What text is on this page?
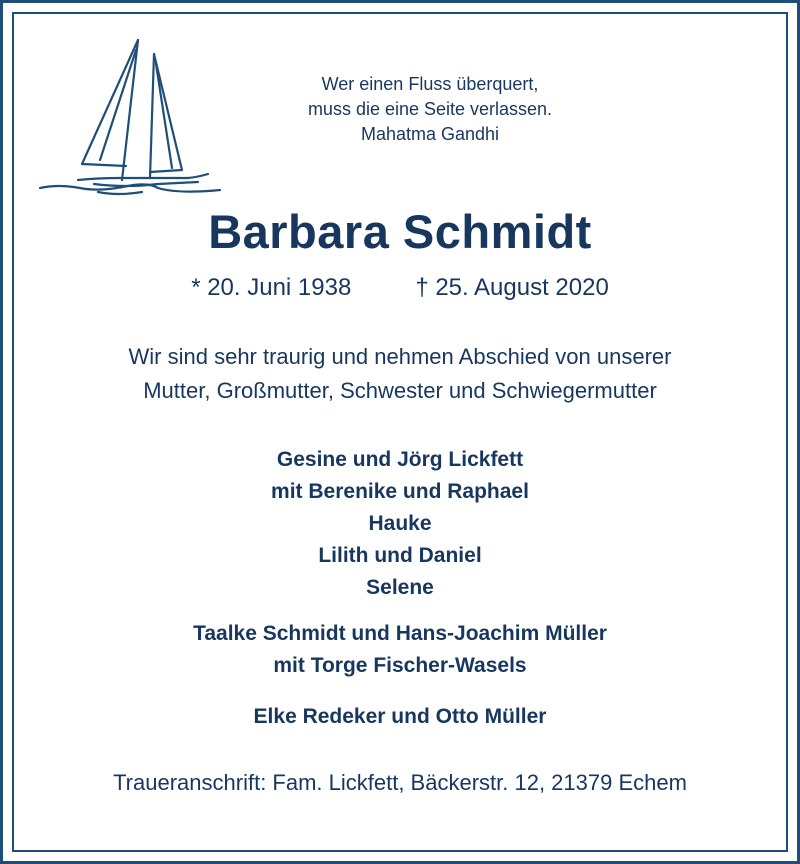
Wer einen Fluss überquert,
muss die eine Seite verlassen.
Mahatma Gandhi
Barbara Schmidt
* 20. Juni 1938	† 25. August 2020
Wir sind sehr traurig und nehmen Abschied von unserer
Mutter, Großmutter, Schwester und Schwiegermutter
Gesine und Jörg Lickfett
mit Berenike und Raphael
Hauke
Lilith und Daniel
Selene
Taalke Schmidt und Hans-Joachim Müller
mit Torge Fischer-Wasels
Elke Redeker und Otto Müller
Traueranschrift: Fam. Lickfett, Bäckerstr. 12, 21379 Echem
